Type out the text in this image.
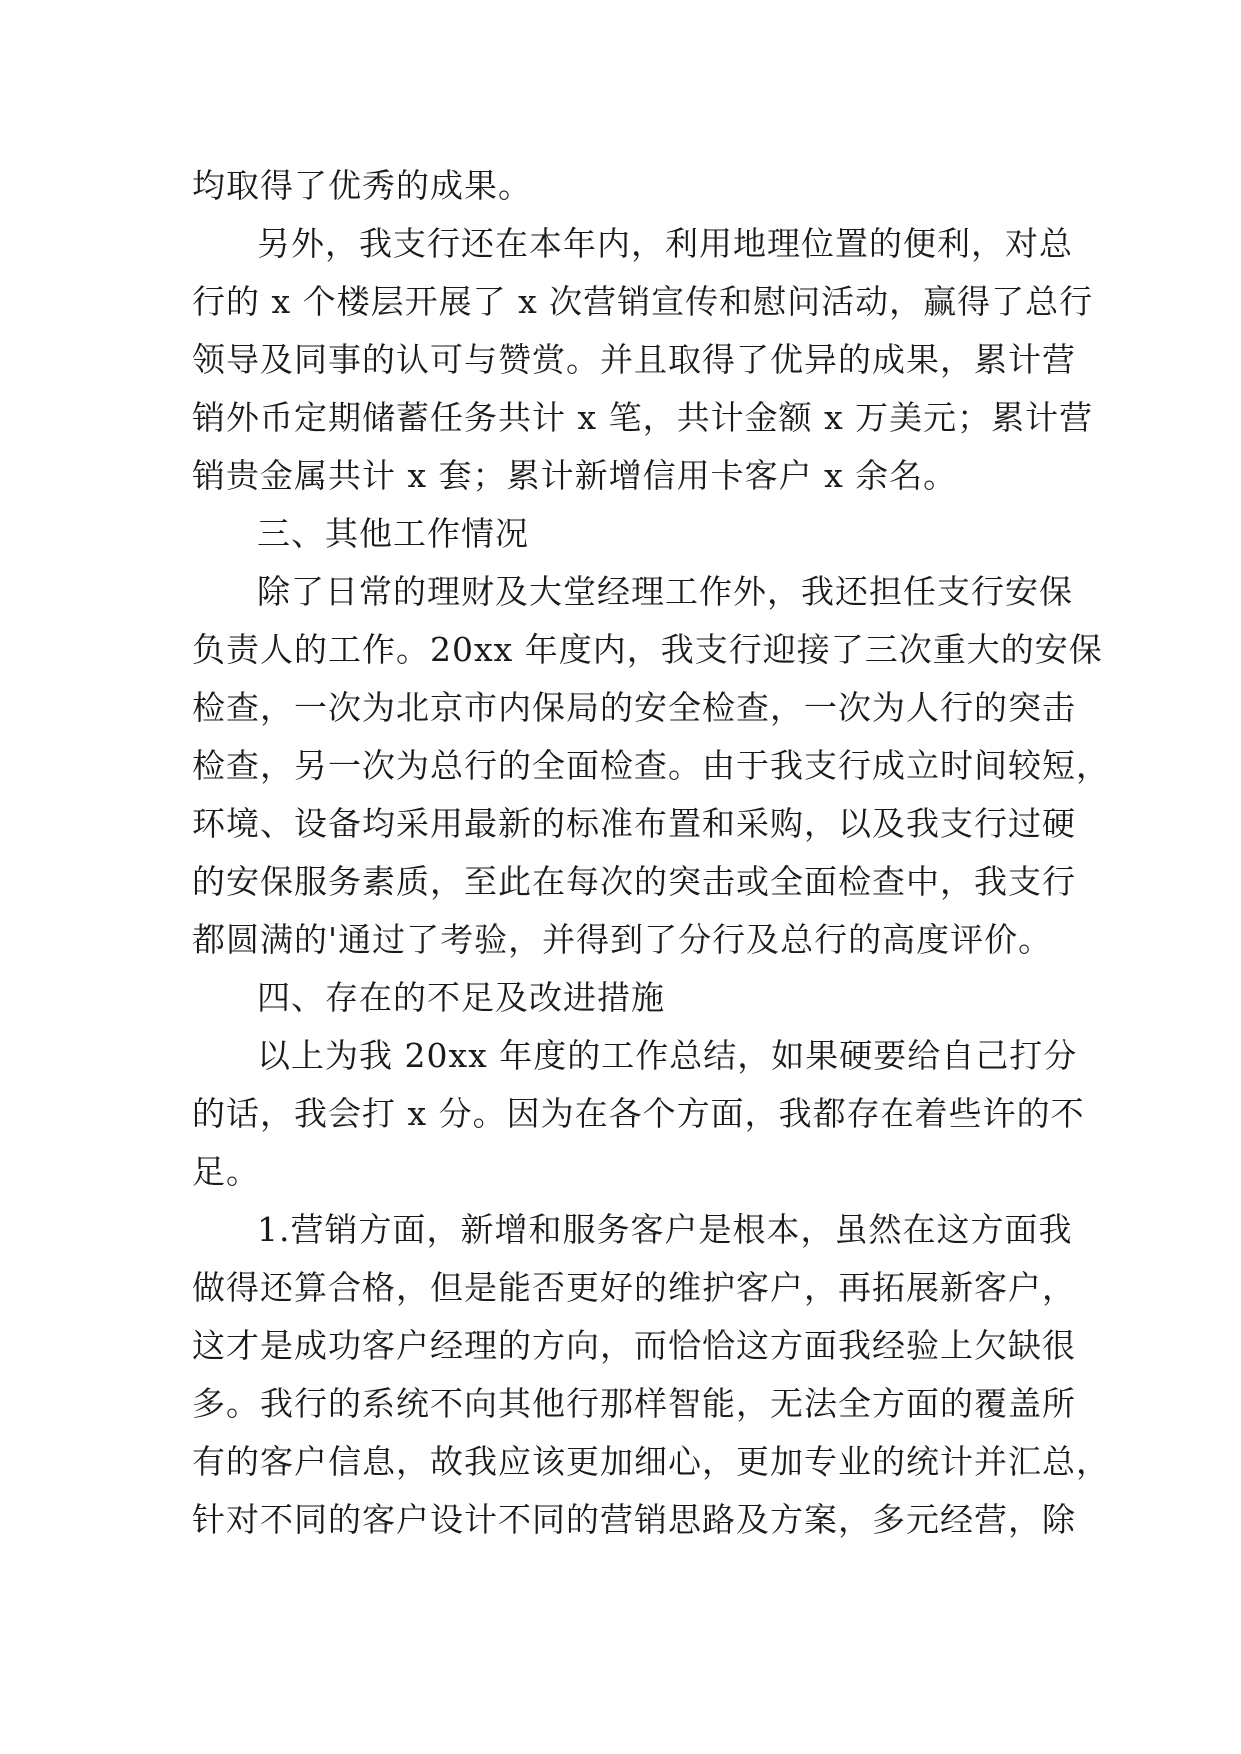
均取得了优秀的成果。
另外，我支行还在本年内，利用地理位置的便利，对总
行的 x 个楼层开展了 x 次营销宣传和慰问活动，赢得了总行
领导及同事的认可与赞赏。并且取得了优异的成果，累计营
销外币定期储蓄任务共计 x 笔，共计金额 x 万美元；累计营
销贵金属共计 x 套；累计新增信用卡客户 x 余名。
三、其他工作情况
除了日常的理财及大堂经理工作外，我还担任支行安保
负责人的工作。20xx 年度内，我支行迎接了三次重大的安保
检查，一次为北京市内保局的安全检查，一次为人行的突击
检查，另一次为总行的全面检查。由于我支行成立时间较短，
环境、设备均采用最新的标准布置和采购，以及我支行过硬
的安保服务素质，至此在每次的突击或全面检查中，我支行
都圆满的'通过了考验，并得到了分行及总行的高度评价。
四、存在的不足及改进措施
以上为我 20xx 年度的工作总结，如果硬要给自己打分
的话，我会打 x 分。因为在各个方面，我都存在着些许的不
足。
1.营销方面，新增和服务客户是根本，虽然在这方面我
做得还算合格，但是能否更好的维护客户，再拓展新客户，
这才是成功客户经理的方向，而恰恰这方面我经验上欠缺很
多。我行的系统不向其他行那样智能，无法全方面的覆盖所
有的客户信息，故我应该更加细心，更加专业的统计并汇总，
针对不同的客户设计不同的营销思路及方案，多元经营，除
